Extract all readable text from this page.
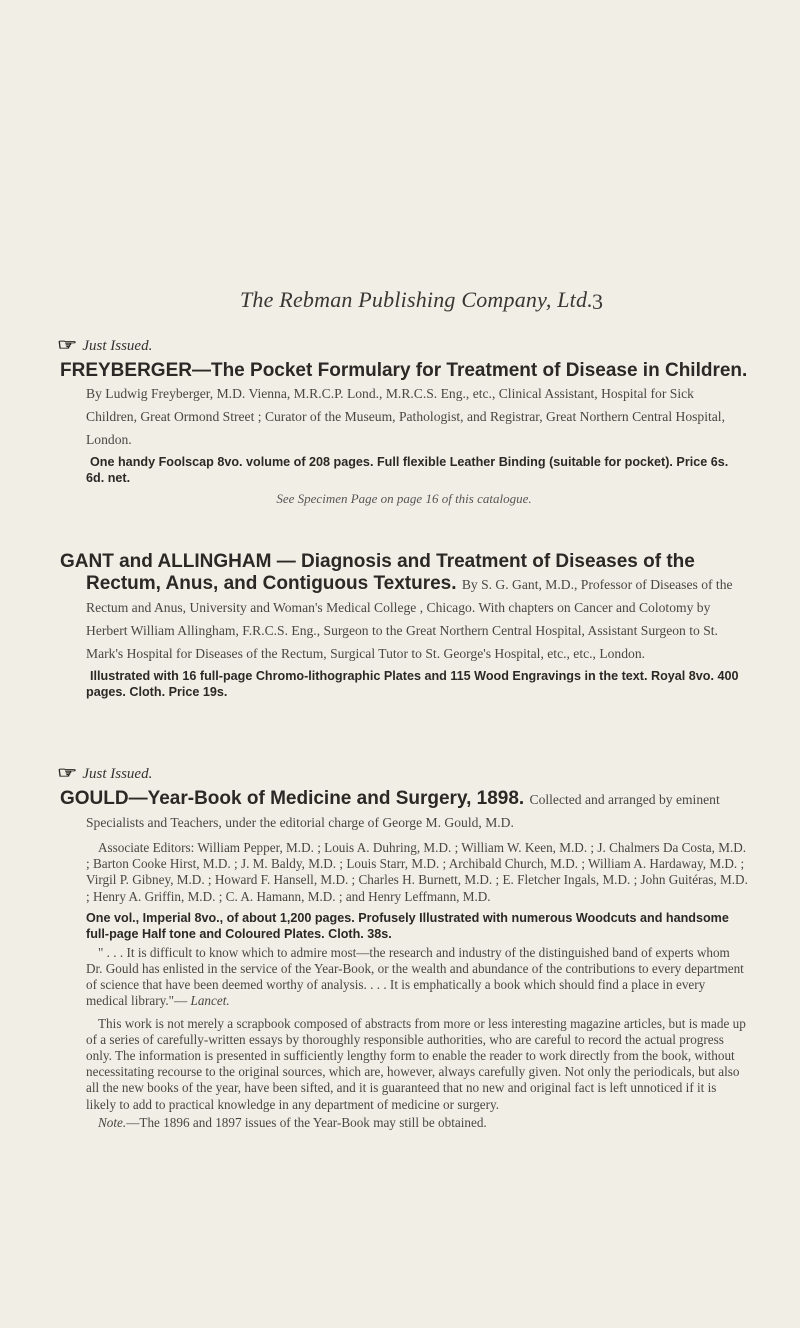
The Rebman Publishing Company, Ltd. 3
☞ Just Issued.

FREYBERGER—The Pocket Formulary for Treatment of Disease in Children. By Ludwig Freyberger, M.D. Vienna, M.R.C.P. Lond., M.R.C.S. Eng., etc., Clinical Assistant, Hospital for Sick Children, Great Ormond Street ; Curator of the Museum, Pathologist, and Registrar, Great Northern Central Hospital, London.

One handy Foolscap 8vo. volume of 208 pages. Full flexible Leather Binding (suitable for pocket). Price 6s. 6d. net.

See Specimen Page on page 16 of this catalogue.

GANT and ALLINGHAM — Diagnosis and Treatment of Diseases of the Rectum, Anus, and Contiguous Textures. By S. G. Gant, M.D., Professor of Diseases of the Rectum and Anus, University and Woman's Medical College , Chicago. With chapters on Cancer and Colotomy by Herbert William Allingham, F.R.C.S. Eng., Surgeon to the Great Northern Central Hospital, Assistant Surgeon to St. Mark's Hospital for Diseases of the Rectum, Surgical Tutor to St. George's Hospital, etc., etc., London.

Illustrated with 16 full-page Chromo-lithographic Plates and 115 Wood Engravings in the text. Royal 8vo. 400 pages. Cloth. Price 19s.

☞ Just Issued.

GOULD—Year-Book of Medicine and Surgery, 1898. Collected and arranged by eminent Specialists and Teachers, under the editorial charge of George M. Gould, M.D.

Associate Editors: William Pepper, M.D. ; Louis A. Duhring, M.D. ; William W. Keen, M.D. ; J. Chalmers Da Costa, M.D. ; Barton Cooke Hirst, M.D. ; J. M. Baldy, M.D. ; Louis Starr, M.D. ; Archibald Church, M.D. ; William A. Hardaway, M.D. ; Virgil P. Gibney, M.D. ; Howard F. Hansell, M.D. ; Charles H. Burnett, M.D. ; E. Fletcher Ingals, M.D. ; John Guitéras, M.D. ; Henry A. Griffin, M.D. ; C. A. Hamann, M.D. ; and Henry Leffmann, M.D.

One vol., Imperial 8vo., of about 1,200 pages. Profusely Illustrated with numerous Woodcuts and handsome full-page Half tone and Coloured Plates. Cloth. 38s.

" . . . It is difficult to know which to admire most—the research and industry of the distinguished band of experts whom Dr. Gould has enlisted in the service of the Year-Book, or the wealth and abundance of the contributions to every department of science that have been deemed worthy of analysis. . . . It is emphatically a book which should find a place in every medical library."— Lancet.

This work is not merely a scrapbook composed of abstracts from more or less interesting magazine articles, but is made up of a series of carefully-written essays by thoroughly responsible authorities, who are careful to record the actual progress only. The information is presented in sufficiently lengthy form to enable the reader to work directly from the book, without necessitating recourse to the original sources, which are, however, always carefully given. Not only the periodicals, but also all the new books of the year, have been sifted, and it is guaranteed that no new and original fact is left unnoticed if it is likely to add to practical knowledge in any department of medicine or surgery.

Note.—The 1896 and 1897 issues of the Year-Book may still be obtained.
